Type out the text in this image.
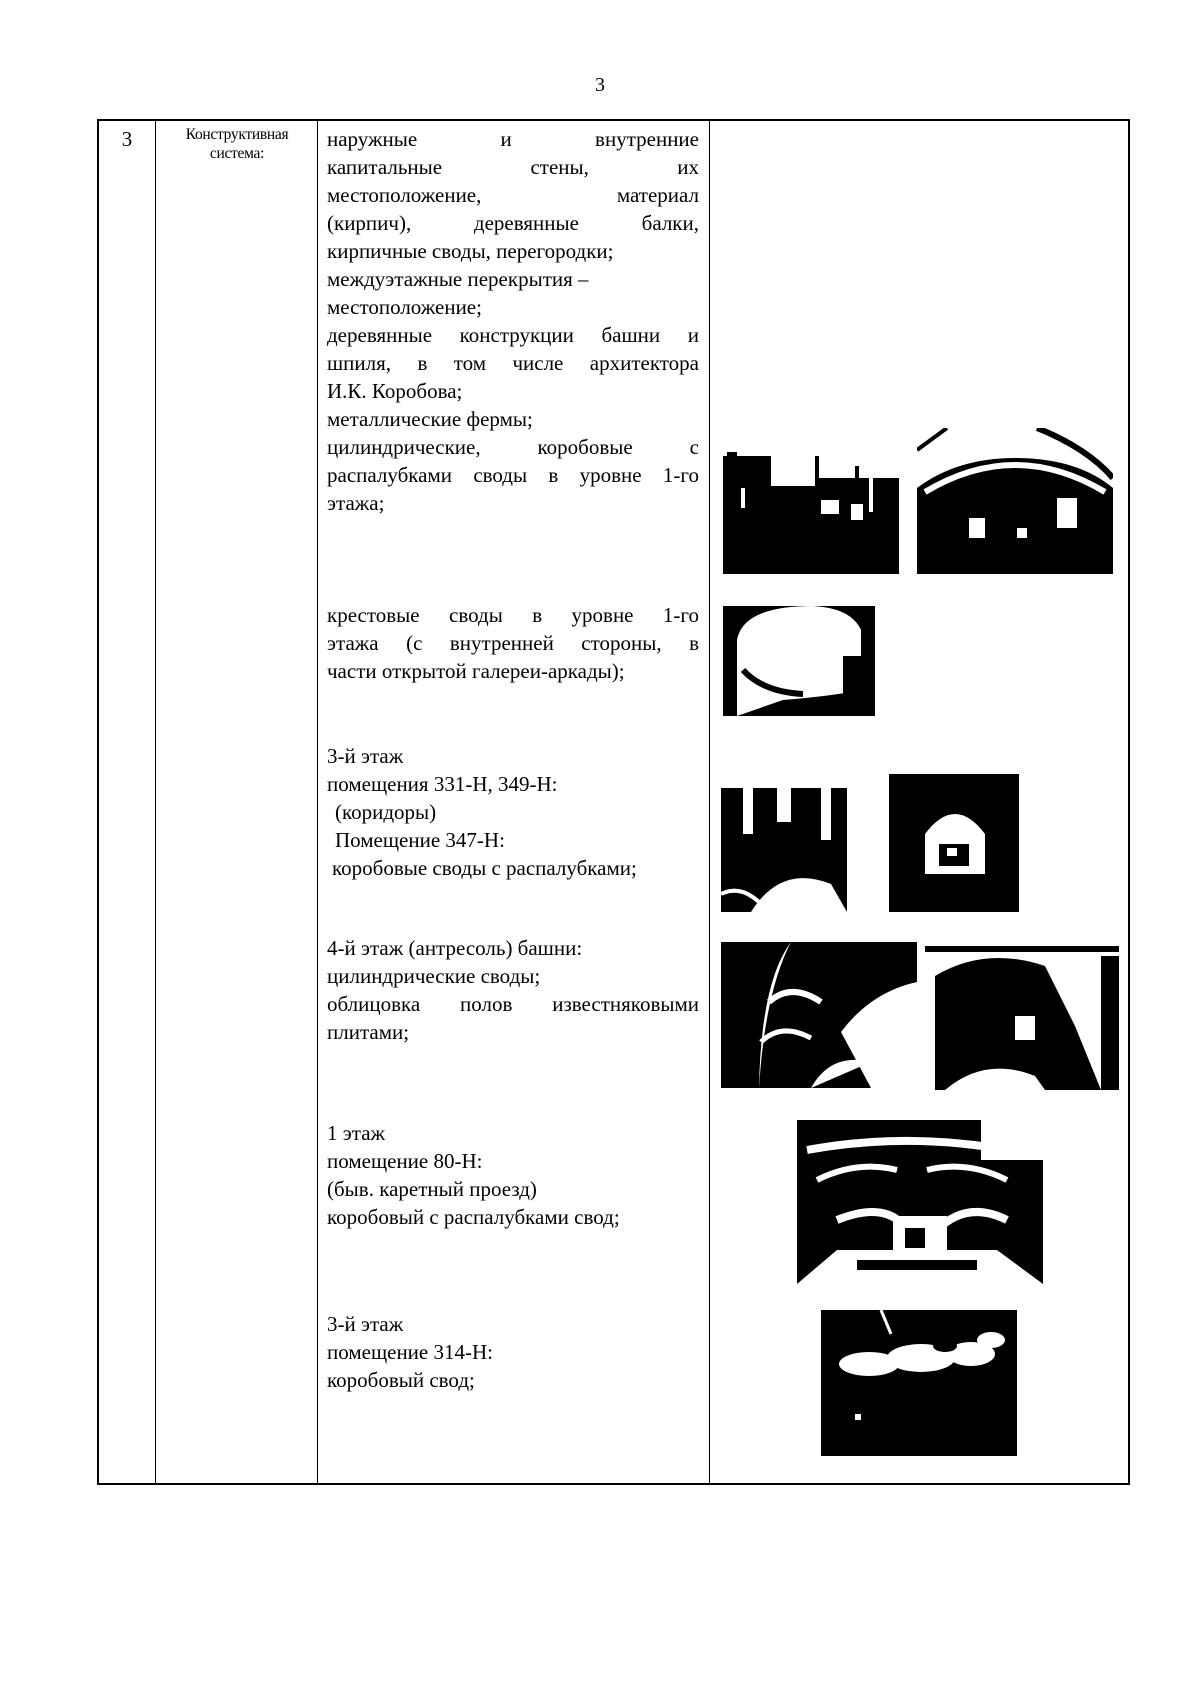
3
3	Конструктивная система:

наружные и внутренние

капитальные стены, их

местоположение, материал

(кирпич), деревянные балки,

кирпичные своды, перегородки;

междуэтажные перекрытия –

местоположение;

деревянные конструкции башни и

шпиля, в том числе архитектора

И.К. Коробова;

металлические фермы;

цилиндрические, коробовые с

распалубками своды в уровне 1-го

этажа;

крестовые своды в уровне 1-го

этажа (с внутренней стороны, в

части открытой галереи-аркады);

3-й этаж

помещения 331-Н, 349-Н:

(коридоры)

Помещение 347-Н:

коробовые своды с распалубками;

4-й этаж (антресоль) башни:

цилиндрические своды;

облицовка полов известняковыми

плитами;

1 этаж

помещение 80-Н:

(быв. каретный проезд)

коробовый с распалубками свод;

3-й этаж

помещение 314-Н:

коробовый свод;
